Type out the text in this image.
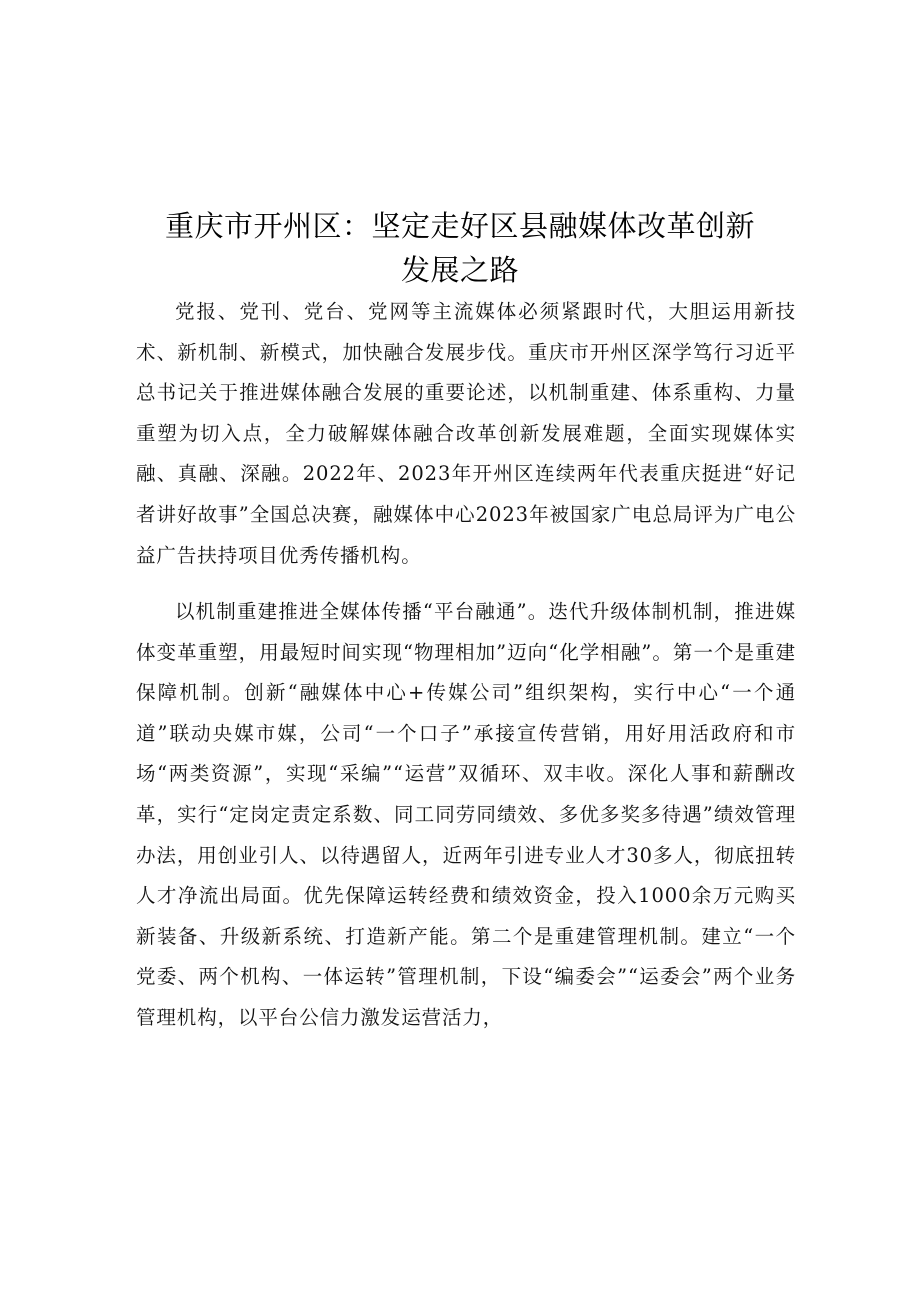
重庆市开州区：坚定走好区县融媒体改革创新
发展之路

党报、党刊、党台、党网等主流媒体必须紧跟时代，大胆运用新技术、新机制、新模式，加快融合发展步伐。重庆市开州区深学笃行习近平总书记关于推进媒体融合发展的重要论述，以机制重建、体系重构、力量重塑为切入点，全力破解媒体融合改革创新发展难题，全面实现媒体实融、真融、深融。2022年、2023年开州区连续两年代表重庆挺进“好记者讲好故事”全国总决赛，融媒体中心2023年被国家广电总局评为广电公益广告扶持项目优秀传播机构。

以机制重建推进全媒体传播“平台融通”。迭代升级体制机制，推进媒体变革重塑，用最短时间实现“物理相加”迈向“化学相融”。第一个是重建保障机制。创新“融媒体中心+传媒公司”组织架构，实行中心“一个通道”联动央媒市媒，公司“一个口子”承接宣传营销，用好用活政府和市场“两类资源”，实现“采编”“运营”双循环、双丰收。深化人事和薪酬改革，实行“定岗定责定系数、同工同劳同绩效、多优多奖多待遇”绩效管理办法，用创业引人、以待遇留人，近两年引进专业人才30多人，彻底扭转人才净流出局面。优先保障运转经费和绩效资金，投入1000余万元购买新装备、升级新系统、打造新产能。第二个是重建管理机制。建立“一个党委、两个机构、一体运转”管理机制，下设“编委会”“运委会”两个业务管理机构，以平台公信力激发运营活力，
